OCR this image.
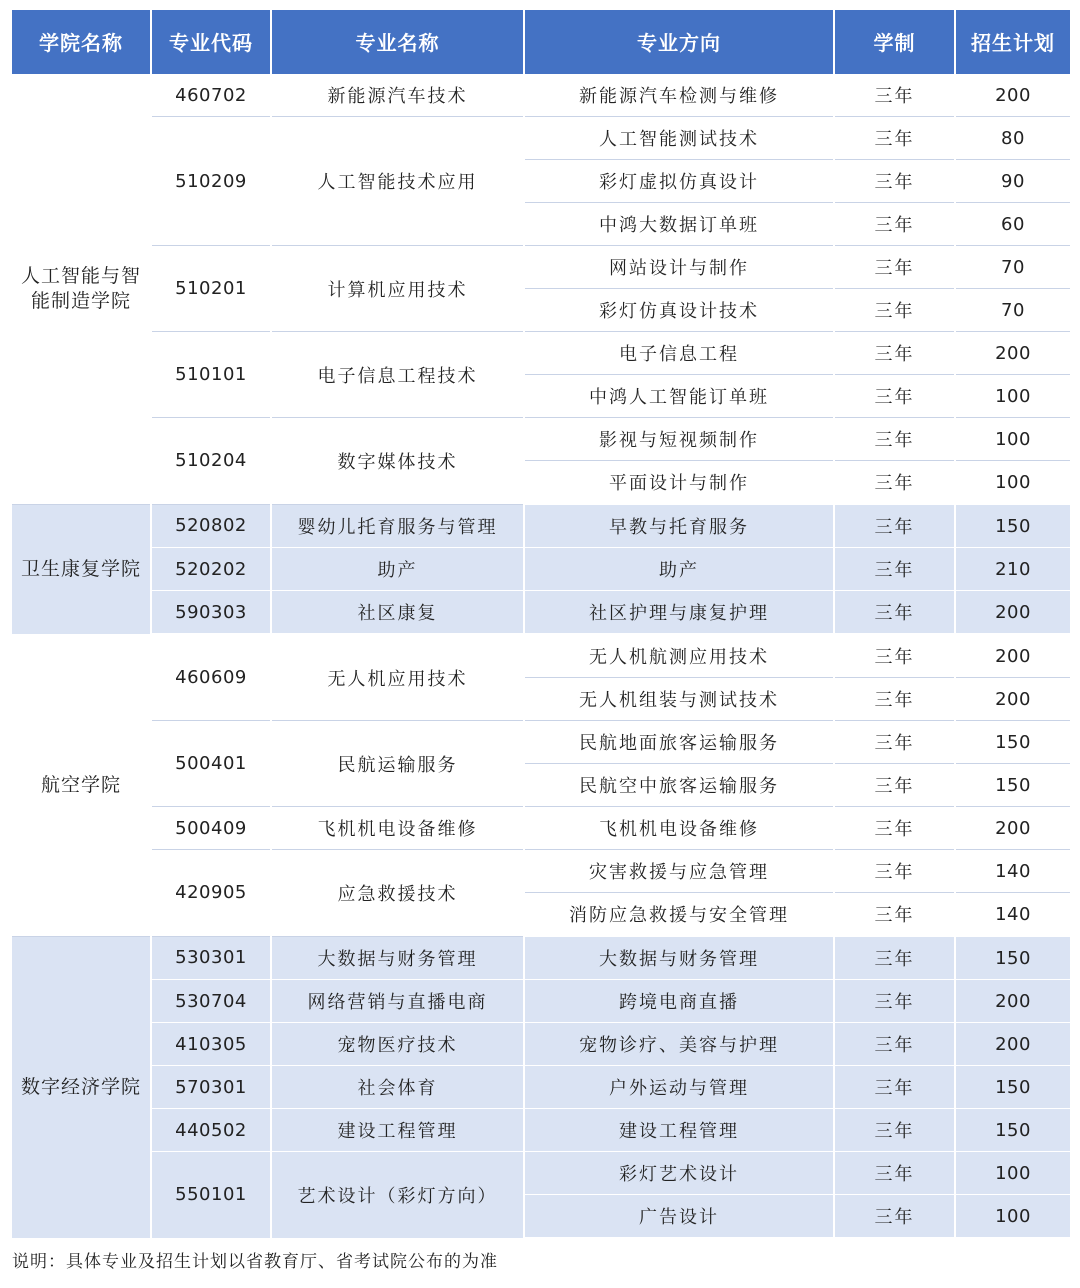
学院名称	专业代码	专业名称	专业方向	学制	招生计划
人工智能与智能制造学院	460702	新能源汽车技术	新能源汽车检测与维修	三年	200
	510209	人工智能技术应用	人工智能测试技术	三年	80
			彩灯虚拟仿真设计	三年	90
			中鸿大数据订单班	三年	60
	510201	计算机应用技术	网站设计与制作	三年	70
			彩灯仿真设计技术	三年	70
	510101	电子信息工程技术	电子信息工程	三年	200
			中鸿人工智能订单班	三年	100
	510204	数字媒体技术	影视与短视频制作	三年	100
			平面设计与制作	三年	100
卫生康复学院	520802	婴幼儿托育服务与管理	早教与托育服务	三年	150
	520202	助产	助产	三年	210
	590303	社区康复	社区护理与康复护理	三年	200
航空学院	460609	无人机应用技术	无人机航测应用技术	三年	200
			无人机组装与测试技术	三年	200
	500401	民航运输服务	民航地面旅客运输服务	三年	150
			民航空中旅客运输服务	三年	150
	500409	飞机机电设备维修	飞机机电设备维修	三年	200
	420905	应急救援技术	灾害救援与应急管理	三年	140
			消防应急救援与安全管理	三年	140
数字经济学院	530301	大数据与财务管理	大数据与财务管理	三年	150
	530704	网络营销与直播电商	跨境电商直播	三年	200
	410305	宠物医疗技术	宠物诊疗、美容与护理	三年	200
	570301	社会体育	户外运动与管理	三年	150
	440502	建设工程管理	建设工程管理	三年	150
	550101	艺术设计（彩灯方向）	彩灯艺术设计	三年	100
			广告设计	三年	100
说明：具体专业及招生计划以省教育厅、省考试院公布的为准
